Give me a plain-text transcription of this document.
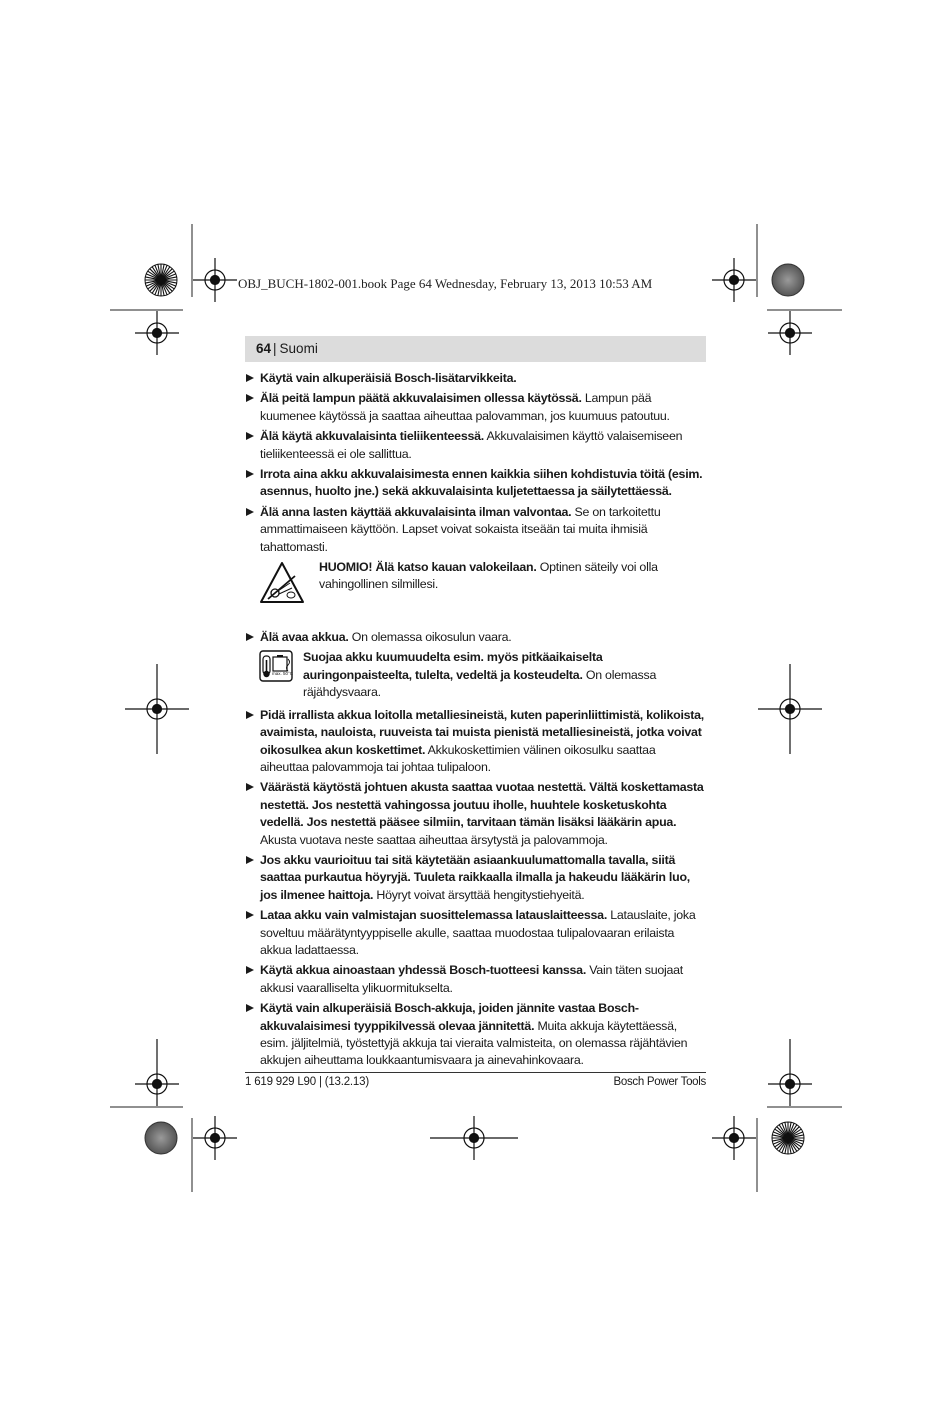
OBJ_BUCH-1802-001.book Page 64 Wednesday, February 13, 2013 10:53 AM
64 | Suomi
Käytä vain alkuperäisiä Bosch-lisätarvikkeita.
Älä peitä lampun päätä akkuvalaisimen ollessa käytössä. Lampun pää kuumenee käytössä ja saattaa aiheuttaa palovamman, jos kuumuus patoutuu.
Älä käytä akkuvalaisinta tieliikenteessä. Akkuvalaisimen käyttö valaisemiseen tieliikenteessä ei ole sallittua.
Irrota aina akku akkuvalaisimesta ennen kaikkia siihen kohdistuvia töitä (esim. asennus, huolto jne.) sekä akkuvalaisinta kuljetettaessa ja säilytettäessä.
Älä anna lasten käyttää akkuvalaisinta ilman valvontaa. Se on tarkoitettu ammattimaiseen käyttöön. Lapset voivat sokaista itseään tai muita ihmisiä tahattomasti.
HUOMIO! Älä katso kauan valokeilaan. Optinen säteily voi olla vahingollinen silmillesi.
Älä avaa akkua. On olemassa oikosulun vaara.
max. 50°C
Suojaa akku kuumuudelta esim. myös pitkäaikaiselta auringonpaisteelta, tulelta, vedeltä ja kosteudelta. On olemassa räjähdysvaara.
Pidä irrallista akkua loitolla metalliesineistä, kuten paperinliittimistä, kolikoista, avaimista, nauloista, ruuveista tai muista pienistä metalliesineistä, jotka voivat oikosulkea akun koskettimet. Akkukoskettimien välinen oikosulku saattaa aiheuttaa palovammoja tai johtaa tulipaloon.
Väärästä käytöstä johtuen akusta saattaa vuotaa nestettä. Vältä koskettamasta nestettä. Jos nestettä vahingossa joutuu iholle, huuhtele kosketuskohta vedellä. Jos nestettä pääsee silmiin, tarvitaan tämän lisäksi lääkärin apua. Akusta vuotava neste saattaa aiheuttaa ärsytystä ja palovammoja.
Jos akku vaurioituu tai sitä käytetään asiaankuulumattomalla tavalla, siitä saattaa purkautua höyryjä. Tuuleta raikkaalla ilmalla ja hakeudu lääkärin luo, jos ilmenee haittoja. Höyryt voivat ärsyttää hengitystiehyeitä.
Lataa akku vain valmistajan suosittelemassa latauslaitteessa. Latauslaite, joka soveltuu määrätyntyyppiselle akulle, saattaa muodostaa tulipalovaaran erilaista akkua ladattaessa.
Käytä akkua ainoastaan yhdessä Bosch-tuotteesi kanssa. Vain täten suojaat akkusi vaaralliselta ylikuormitukselta.
Käytä vain alkuperäisiä Bosch-akkuja, joiden jännite vastaa Bosch-akkuvalaisimesi tyyppikilvessä olevaa jännitettä. Muita akkuja käytettäessä, esim. jäljitelmiä, työstettyjä akkuja tai vieraita valmisteita, on olemassa räjähtävien akkujen aiheuttama loukkaantumisvaara ja ainevahinkovaara.
1 619 929 L90 | (13.2.13)	Bosch Power Tools
